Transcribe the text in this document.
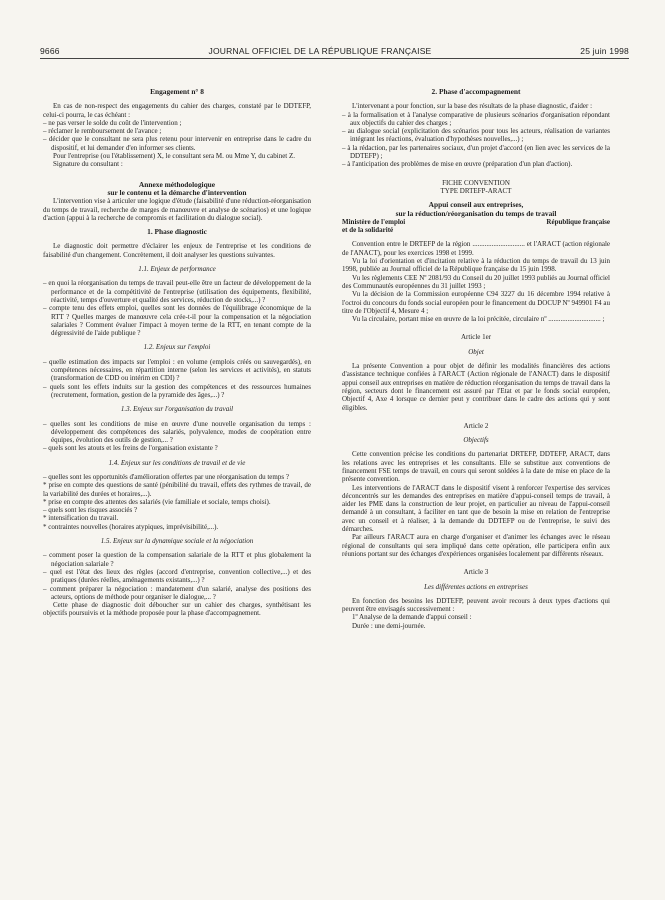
9666	JOURNAL OFFICIEL DE LA RÉPUBLIQUE FRANÇAISE	25 juin 1998

Engagement n° 8

En cas de non-respect des engagements du cahier des charges, constaté par le DDTEFP, celui-ci pourra, le cas échéant :

– ne pas verser le solde du coût de l'intervention ;

– réclamer le remboursement de l'avance ;

– décider que le consultant ne sera plus retenu pour intervenir en entreprise dans le cadre du dispositif, et lui demander d'en informer ses clients.

Pour l'entreprise (ou l'établissement) X, le consultant sera M. ou Mme Y, du cabinet Z.

Signature du consultant :

Annexe méthodologique

sur le contenu et la démarche d'intervention

L'intervention vise à articuler une logique d'étude (faisabilité d'une réduction-réorganisation du temps de travail, recherche de marges de manœuvre et analyse de scénarios) et une logique d'action (appui à la recherche de compromis et facilitation du dialogue social).

1. Phase diagnostic

Le diagnostic doit permettre d'éclairer les enjeux de l'entreprise et les conditions de faisabilité d'un changement. Concrètement, il doit analyser les questions suivantes.

1.1. Enjeux de performance

– en quoi la réorganisation du temps de travail peut-elle être un facteur de développement de la performance et de la compétitivité de l'entreprise (utilisation des équipements, flexibilité, réactivité, temps d'ouverture et qualité des services, réduction de stocks,...) ?

– compte tenu des effets emploi, quelles sont les données de l'équilibrage économique de la RTT ? Quelles marges de manœuvre cela crée-t-il pour la compensation et la négociation salariales ? Comment évaluer l'impact à moyen terme de la RTT, en tenant compte de la dégressivité de l'aide publique ?

1.2. Enjeux sur l'emploi

– quelle estimation des impacts sur l'emploi : en volume (emplois créés ou sauvegardés), en compétences nécessaires, en répartition interne (selon les services et activités), en statuts (transformation de CDD ou intérim en CDI) ?

– quels sont les effets induits sur la gestion des compétences et des ressources humaines (recrutement, formation, gestion de la pyramide des âges,...) ?

1.3. Enjeux sur l'organisation du travail

– quelles sont les conditions de mise en œuvre d'une nouvelle organisation du temps : développement des compétences des salariés, polyvalence, modes de coopération entre équipes, évolution des outils de gestion,... ?

– quels sont les atouts et les freins de l'organisation existante ?

1.4. Enjeux sur les conditions de travail et de vie

– quelles sont les opportunités d'amélioration offertes par une réorganisation du temps ?

* prise en compte des questions de santé (pénibilité du travail, effets des rythmes de travail, de la variabilité des durées et horaires,...).

* prise en compte des attentes des salariés (vie familiale et sociale, temps choisi).

– quels sont les risques associés ?

* intensification du travail.

* contraintes nouvelles (horaires atypiques, imprévisibilité,...).

1.5. Enjeux sur la dynamique sociale et la négociation

– comment poser la question de la compensation salariale de la RTT et plus globalement la négociation salariale ?

– quel est l'état des lieux des règles (accord d'entreprise, convention collective,...) et des pratiques (durées réelles, aménagements existants,...) ?

– comment préparer la négociation : mandatement d'un salarié, analyse des positions des acteurs, options de méthode pour organiser le dialogue,... ?

Cette phase de diagnostic doit déboucher sur un cahier des charges, synthétisant les objectifs poursuivis et la méthode proposée pour la phase d'accompagnement.

2. Phase d'accompagnement

L'intervenant a pour fonction, sur la base des résultats de la phase diagnostic, d'aider :

– à la formalisation et à l'analyse comparative de plusieurs scénarios d'organisation répondant aux objectifs du cahier des charges ;

– au dialogue social (explicitation des scénarios pour tous les acteurs, réalisation de variantes intégrant les réactions, évaluation d'hypothèses nouvelles,...) ;

– à la rédaction, par les partenaires sociaux, d'un projet d'accord (en lien avec les services de la DDTEFP) ;

– à l'anticipation des problèmes de mise en œuvre (préparation d'un plan d'action).

FICHE CONVENTION

TYPE DRTEFP-ARACT

Appui conseil aux entreprises,

sur la réduction/réorganisation du temps de travail

Ministère de l'emploi	République française

et de la solidarité

Convention entre le DRTEFP de la région .............................. et l'ARACT (action régionale de l'ANACT), pour les exercices 1998 et 1999.

Vu la loi d'orientation et d'incitation relative à la réduction du temps de travail du 13 juin 1998, publiée au Journal officiel de la République française du 15 juin 1998.

Vu les règlements CEE Nº 2081/93 du Conseil du 20 juillet 1993 publiés au Journal officiel des Communautés européennes du 31 juillet 1993 ;

Vu la décision de la Commission européenne C94 3227 du 16 décembre 1994 relative à l'octroi du concours du fonds social européen pour le financement du DOCUP Nº 949901 F4 au titre de l'Objectif 4, Mesure 4 ;

Vu la circulaire, portant mise en œuvre de la loi précitée, circulaire nº .............................. ;

Article 1er

Objet

La présente Convention a pour objet de définir les modalités financières des actions d'assistance technique confiées à l'ARACT (Action régionale de l'ANACT) dans le dispositif appui conseil aux entreprises en matière de réduction réorganisation du temps de travail dans la région, secteurs dont le financement est assuré par l'Etat et par le fonds social européen, Objectif 4, Axe 4 lorsque ce dernier peut y contribuer dans le cadre des actions qui y sont éligibles.

Article 2

Objectifs

Cette convention précise les conditions du partenariat DRTEFP, DDTEFP, ARACT, dans les relations avec les entreprises et les consultants. Elle se substitue aux conventions de financement FSE temps de travail, en cours qui seront soldées à la date de mise en place de la présente convention.

Les interventions de l'ARACT dans le dispositif visent à renforcer l'expertise des services déconcentrés sur les demandes des entreprises en matière d'appui-conseil temps de travail, à aider les PME dans la construction de leur projet, en particulier au niveau de l'appui-conseil demandé à un consultant, à faciliter en tant que de besoin la mise en relation de l'entreprise avec un conseil et à réaliser, à la demande du DDTEFP ou de l'entreprise, le suivi des démarches.

Par ailleurs l'ARACT aura en charge d'organiser et d'animer les échanges avec le réseau régional de consultants qui sera impliqué dans cette opération, elle participera enfin aux réunions portant sur des échanges d'expériences organisées localement par différents réseaux.

Article 3

Les différentes actions en entreprises

En fonction des besoins les DDTEFP, peuvent avoir recours à deux types d'actions qui peuvent être envisagés successivement :

1º Analyse de la demande d'appui conseil :

Durée : une demi-journée.
